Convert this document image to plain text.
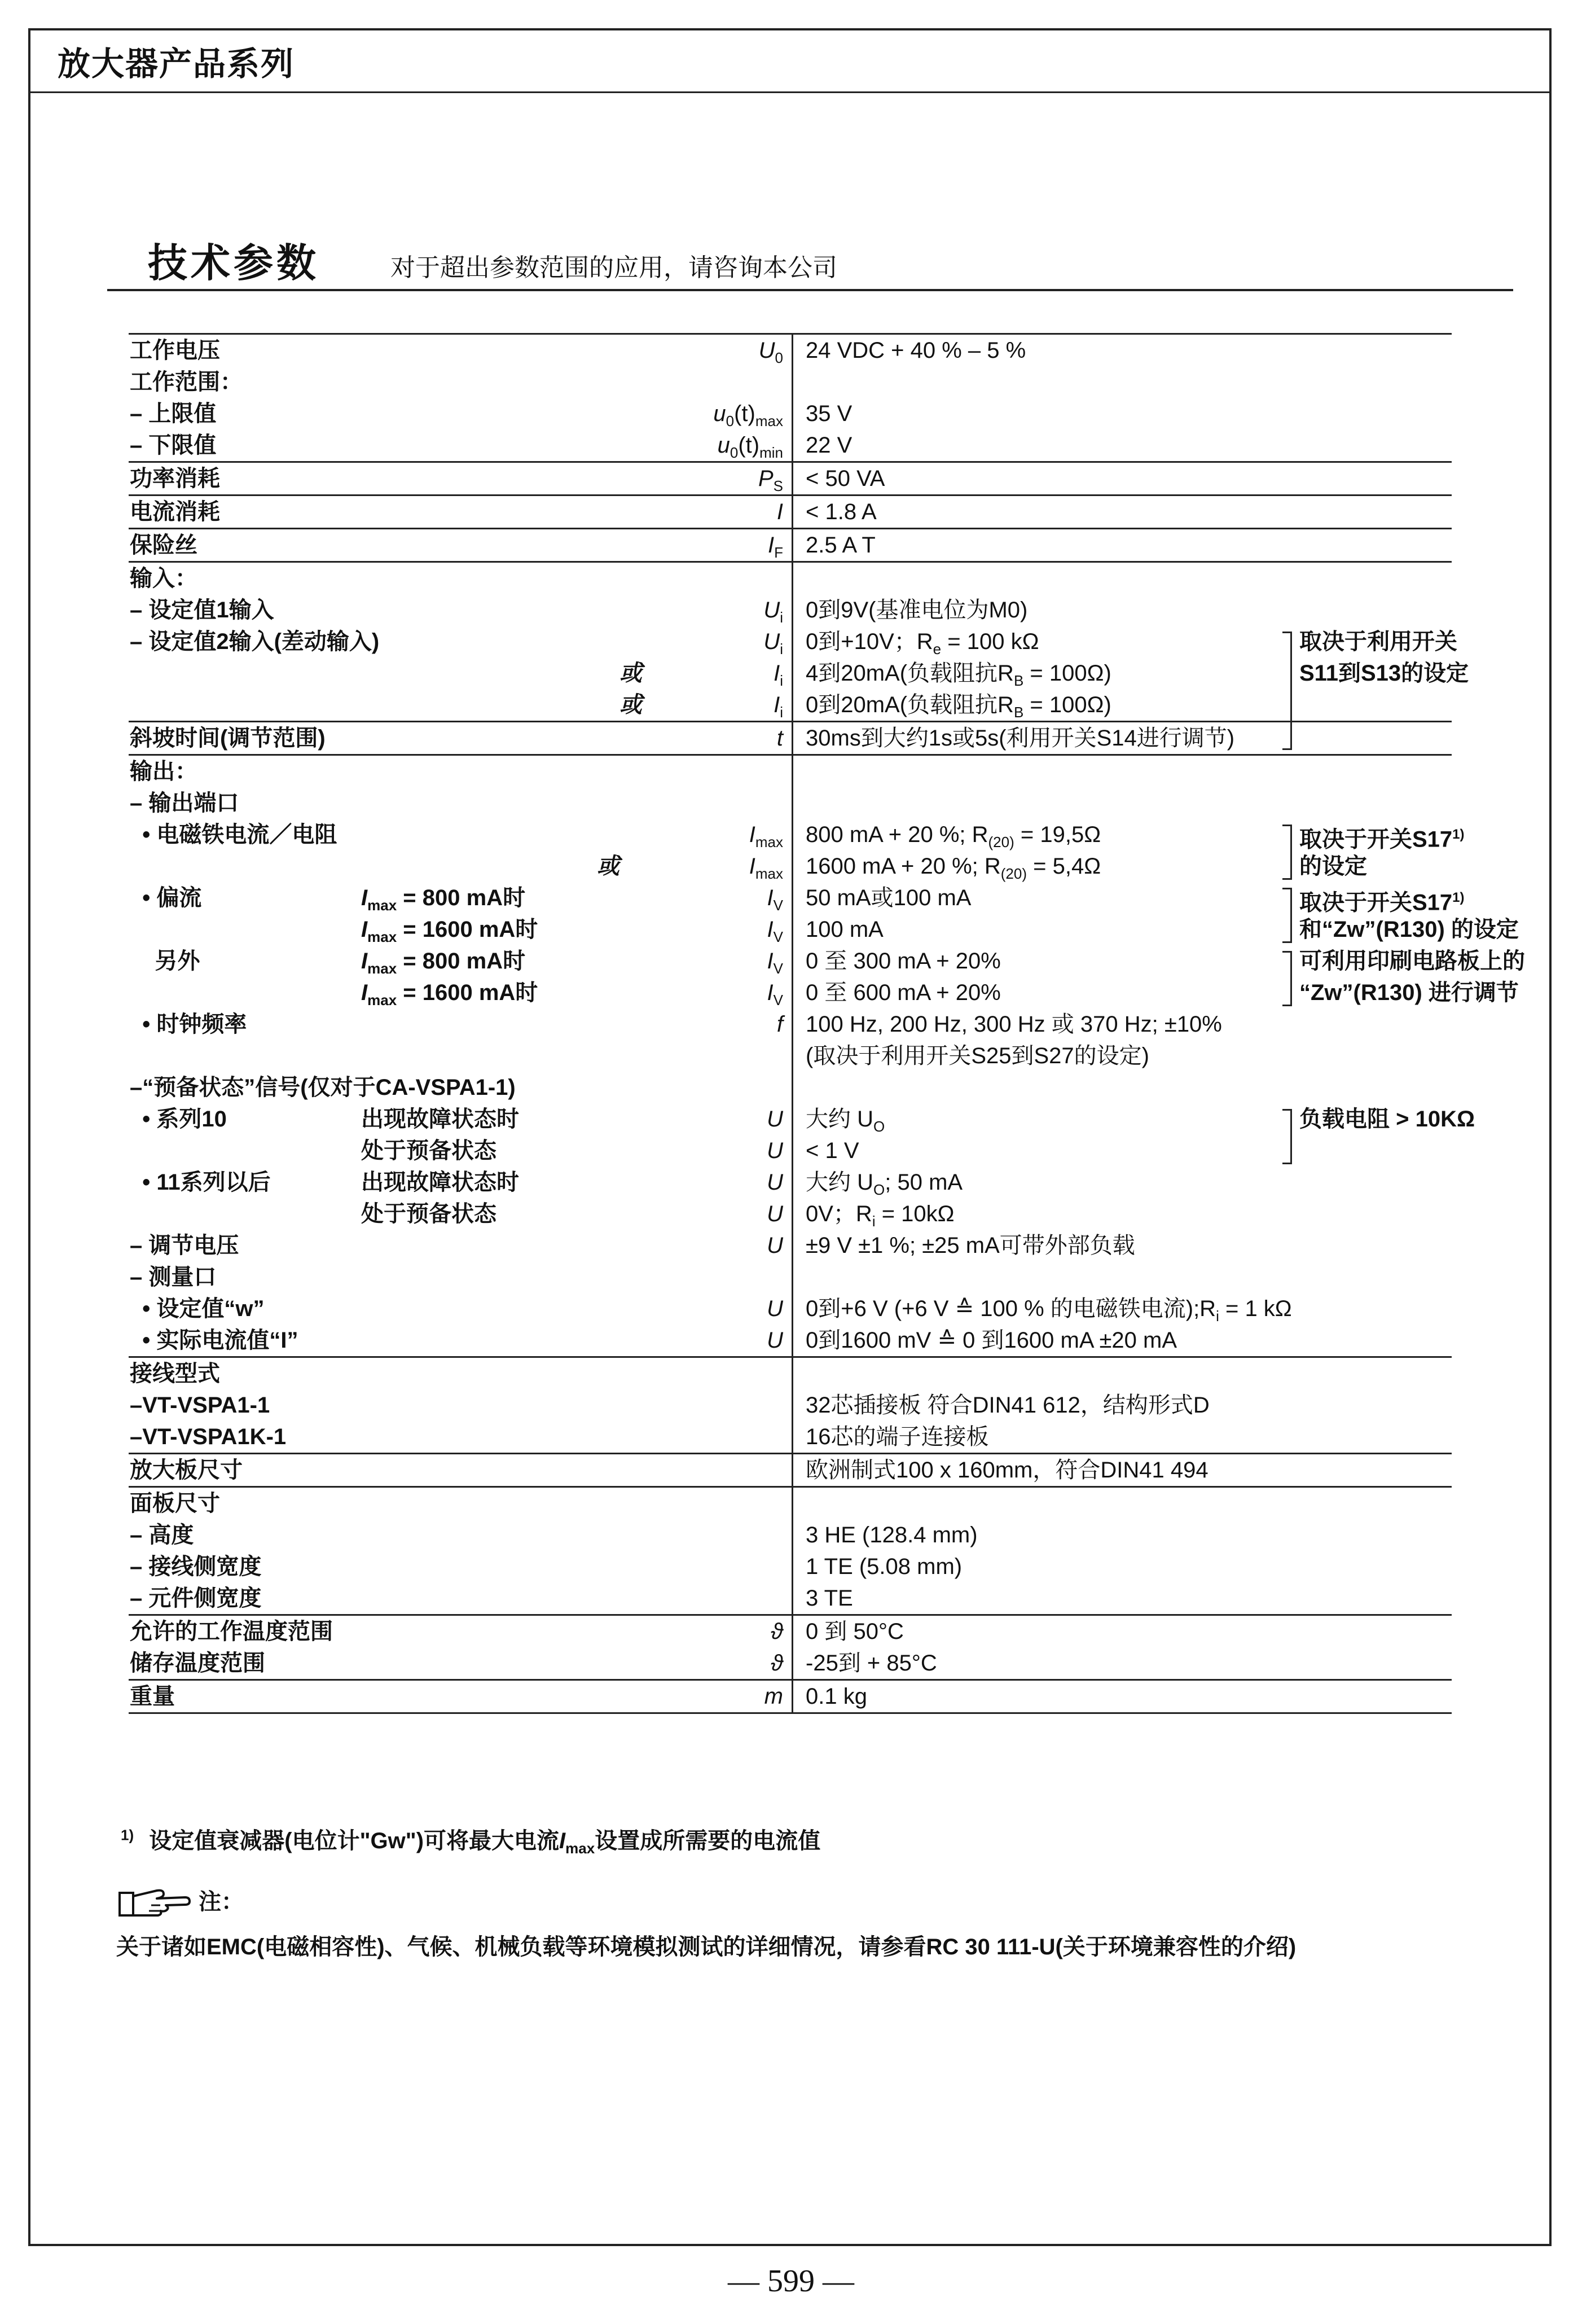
放大器产品系列
技术参数	对于超出参数范围的应用，请咨询本公司
工作电压	$U_0$ 24 VDC + 40 % – 5 %
工作范围：
– 上限值	$u_0(t)_{max}$ 35 V
– 下限值	$u_0(t)_{min}$ 22 V
功率消耗	$P_S < 50$ VA
电流消耗	I < 1.8 A
保险丝	$I_F$ 2.5 A T
输入：
– 设定值1输入	$U_i$ 0到9V(基准电位为M0)
– 设定值2输入(差动输入)	$U_i$ 0到+10V；$R_e = 100$ kΩ	取决于利用开关
或	$I_i$ 4到20mA(负载阻抗$R_B = 100\Omega$)	S11到S13的设定
或	$I_i$ 0到20mA(负载阻抗$R_B = 100\Omega$)
斜坡时间(调节范围)	t 30ms到大约1s或5s(利用开关S14进行调节)
输出：
– 输出端口
• 电磁铁电流／电阻	$I_{max}$ 800 mA + 20 %; $R_{(20)} = 19,5\Omega$	取决于开关S17$^{1)}$
或	$I_{max}$ 1600 mA + 20 %; $R_{(20)} = 5,4\Omega$	的设定
• 偏流	$I_{max} = 800$ mA时	$I_V$ 50 mA或100 mA	取决于开关S17$^{1)}$
$I_{max} = 1600$ mA时	$I_V$ 100 mA	和“Zw”(R130) 的设定
另外	$I_{max} = 800$ mA时	$I_V$ 0 至 300 mA + 20%	可利用印刷电路板上的
$I_{max} = 1600$ mA时	$I_V$ 0 至 600 mA + 20%	“Zw”(R130) 进行调节
• 时钟频率	f 100 Hz, 200 Hz, 300 Hz 或 370 Hz; ±10%
(取决于利用开关S25到S27的设定)
–“预备状态”信号(仅对于CA-VSPA1-1)
• 系列10	出现故障状态时	U 大约 $U_O$	负载电阻 > 10KΩ
处于预备状态	U < 1 V
• 11系列以后	出现故障状态时	U 大约 $U_O$; 50 mA
处于预备状态	U 0V；$R_i = 10k\Omega$
– 调节电压	U ±9 V ±1 %; ±25 mA可带外部负载
– 测量口
• 设定值“w”	U 0到+6 V (+6 V ≙ 100 % 的电磁铁电流)$;R_i = 1$ kΩ
• 实际电流值“I”	U 0到1600 mV ≙ 0 到1600 mA ±20 mA
接线型式
–VT-VSPA1-1	32芯插接板 符合DIN41 612，结构形式D
–VT-VSPA1K-1	16芯的端子连接板
放大板尺寸	欧洲制式100 x 160mm，符合DIN41 494
面板尺寸
– 高度	3 HE (128.4 mm)
– 接线侧宽度	1 TE (5.08 mm)
– 元件侧宽度	3 TE
允许的工作温度范围	ϑ 0 到 50°C
储存温度范围	ϑ -25到 + 85°C
重量	m 0.1 kg
$^{1)}$ 设定值衰减器(电位计"Gw")可将最大电流$I_{max}$设置成所需要的电流值
注：
关于诸如EMC(电磁相容性)、气候、机械负载等环境模拟测试的详细情况，请参看RC 30 111-U(关于环境兼容性的介绍)
— 599 —
